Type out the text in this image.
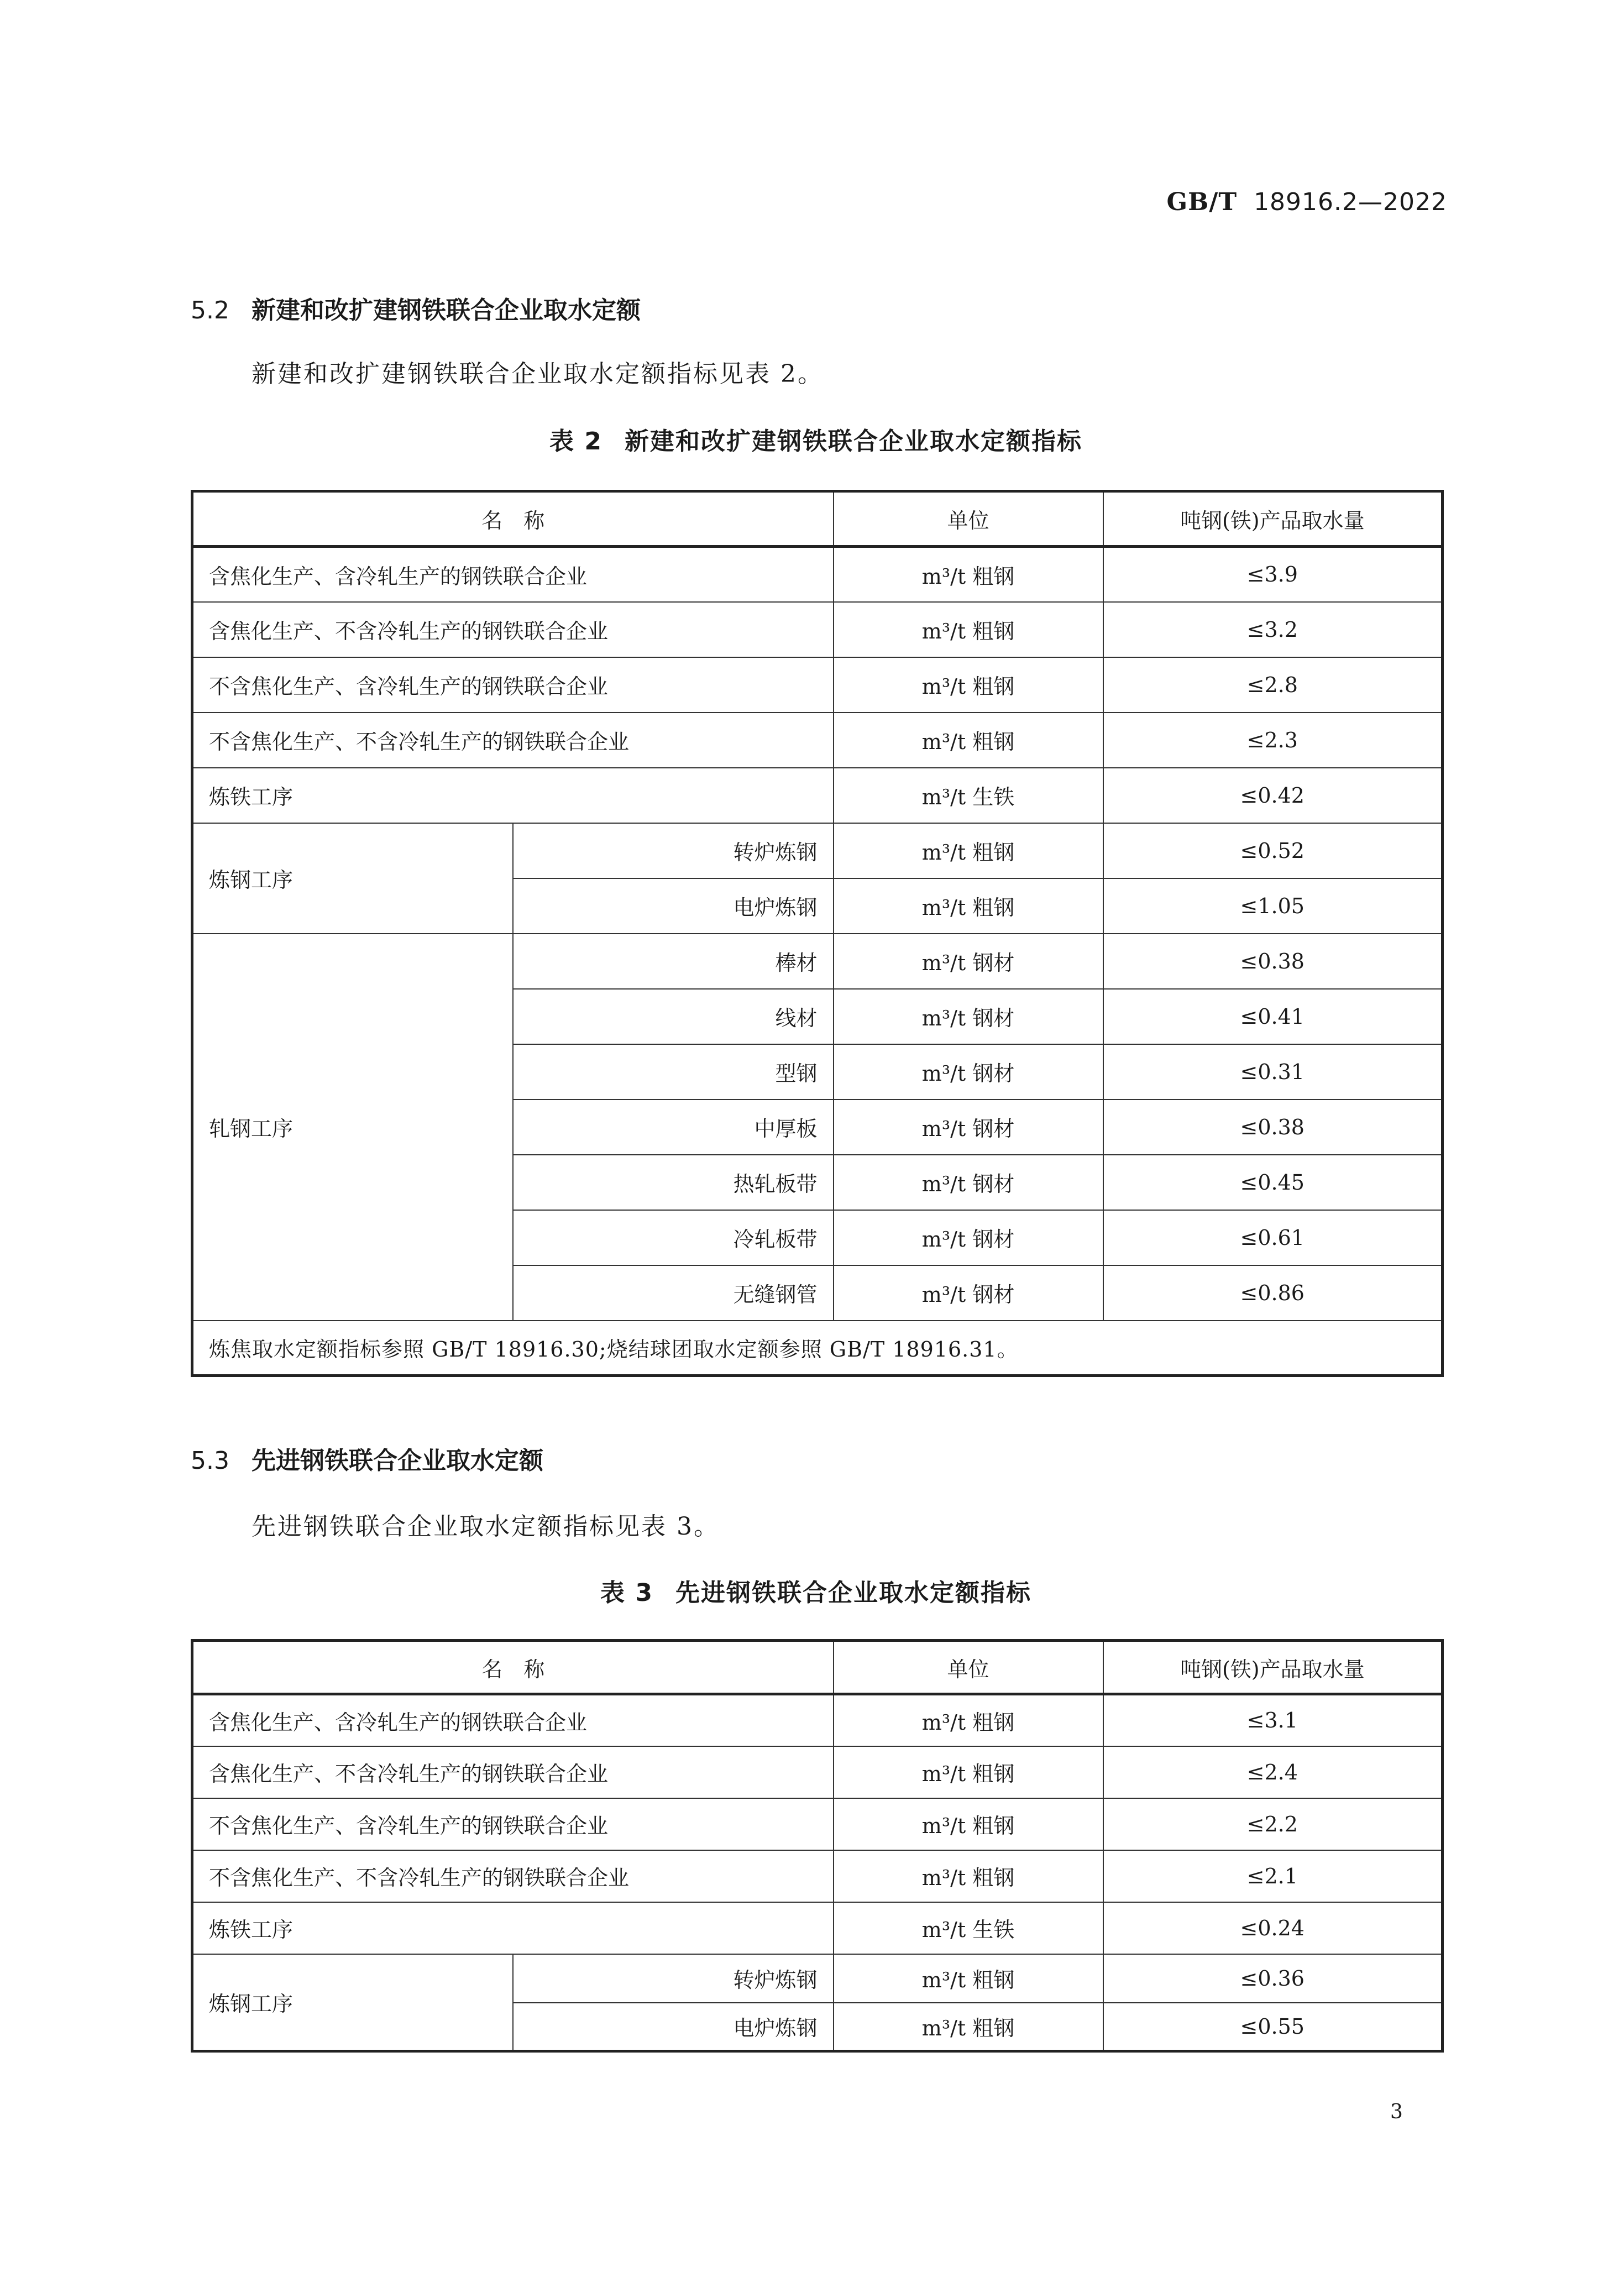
GB/T 18916.2—2022
5.2 新建和改扩建钢铁联合企业取水定额
新建和改扩建钢铁联合企业取水定额指标见表 2。
表 2 新建和改扩建钢铁联合企业取水定额指标
名　称		单位	吨钢(铁)产品取水量
含焦化生产、含冷轧生产的钢铁联合企业		m³/t 粗钢	≤3.9
含焦化生产、不含冷轧生产的钢铁联合企业		m³/t 粗钢	≤3.2
不含焦化生产、含冷轧生产的钢铁联合企业		m³/t 粗钢	≤2.8
不含焦化生产、不含冷轧生产的钢铁联合企业		m³/t 粗钢	≤2.3
炼铁工序		m³/t 生铁	≤0.42
炼钢工序	转炉炼钢	m³/t 粗钢	≤0.52
	电炉炼钢	m³/t 粗钢	≤1.05
轧钢工序	棒材	m³/t 钢材	≤0.38
	线材	m³/t 钢材	≤0.41
	型钢	m³/t 钢材	≤0.31
	中厚板	m³/t 钢材	≤0.38
	热轧板带	m³/t 钢材	≤0.45
	冷轧板带	m³/t 钢材	≤0.61
	无缝钢管	m³/t 钢材	≤0.86
炼焦取水定额指标参照 GB/T 18916.30;烧结球团取水定额参照 GB/T 18916.31。			
5.3 先进钢铁联合企业取水定额
先进钢铁联合企业取水定额指标见表 3。
表 3 先进钢铁联合企业取水定额指标
名　称		单位	吨钢(铁)产品取水量
含焦化生产、含冷轧生产的钢铁联合企业		m³/t 粗钢	≤3.1
含焦化生产、不含冷轧生产的钢铁联合企业		m³/t 粗钢	≤2.4
不含焦化生产、含冷轧生产的钢铁联合企业		m³/t 粗钢	≤2.2
不含焦化生产、不含冷轧生产的钢铁联合企业		m³/t 粗钢	≤2.1
炼铁工序		m³/t 生铁	≤0.24
炼钢工序	转炉炼钢	m³/t 粗钢	≤0.36
	电炉炼钢	m³/t 粗钢	≤0.55
3
